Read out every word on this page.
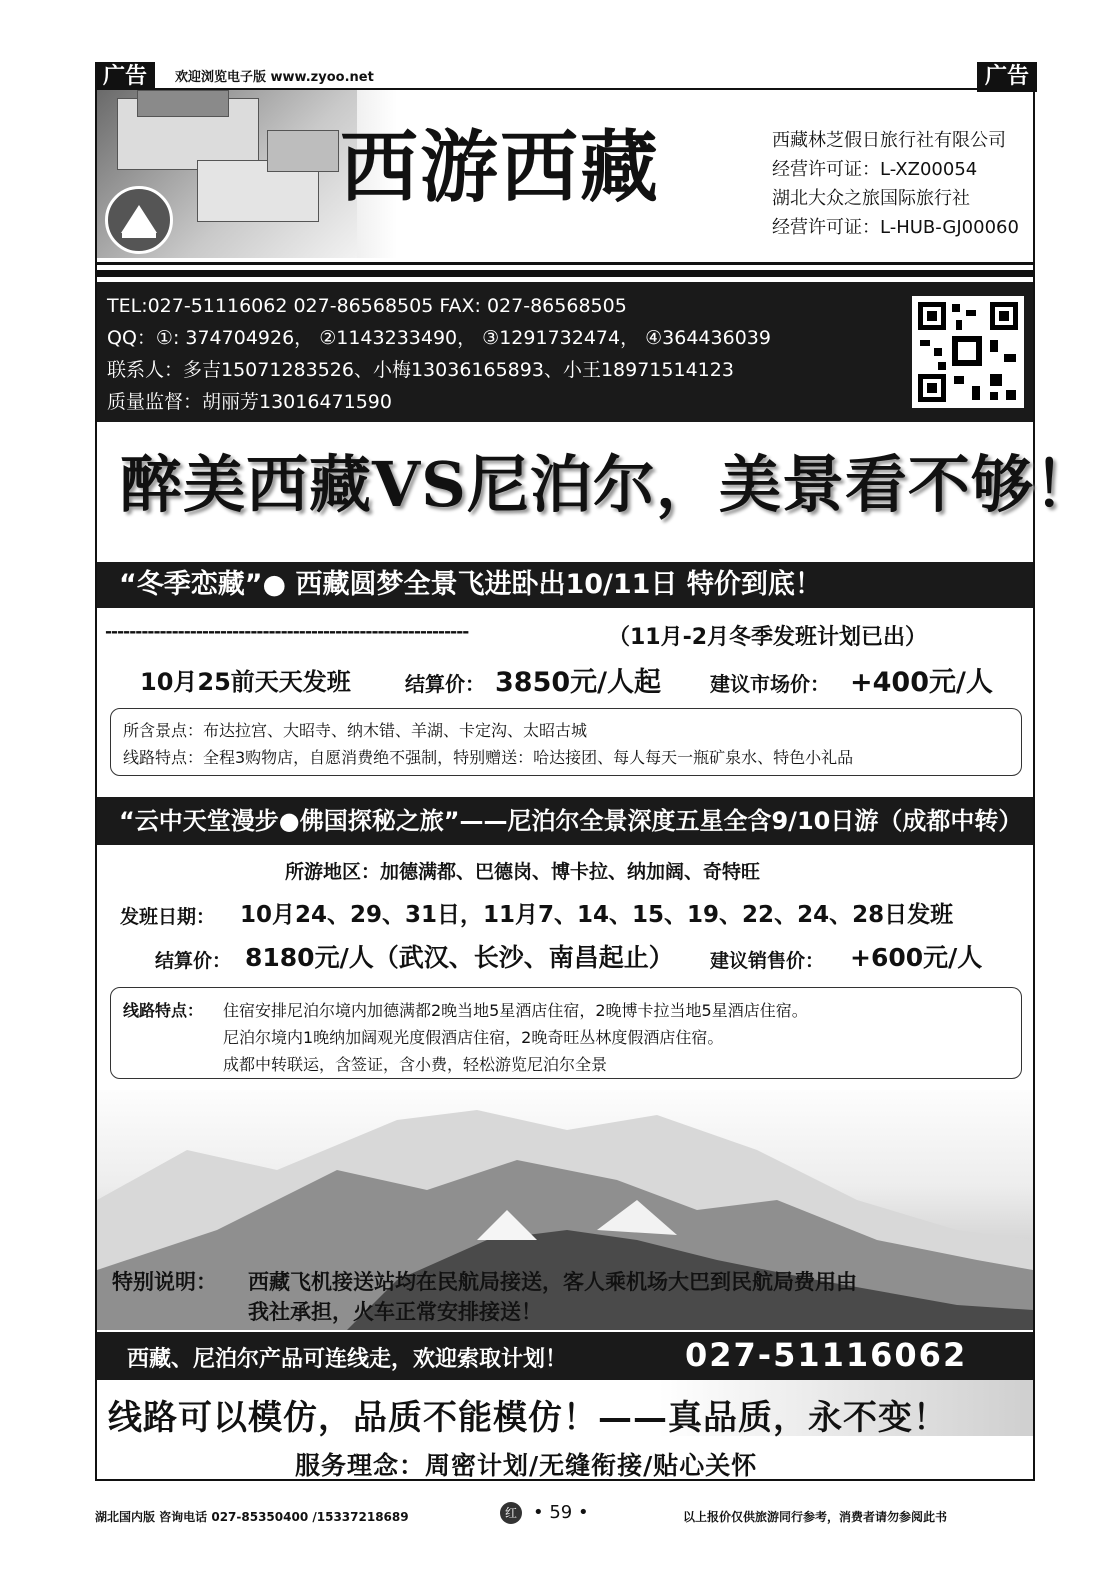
广告	欢迎浏览电子版 www.zyoo.net	广告
西游西藏	西藏林芝假日旅行社有限公司
经营许可证：L-XZ00054
湖北大众之旅国际旅行社
经营许可证：L-HUB-GJ00060
TEL:027-51116062 027-86568505 FAX: 027-86568505
QQ：①: 374704926， ②1143233490， ③1291732474， ④364436039
联系人：多吉15071283526、小梅13036165893、小王18971514123
质量监督：胡丽芳13016471590
醉美西藏VS尼泊尔，美景看不够！
“冬季恋藏”● 西藏圆梦全景飞进卧出10/11日 特价到底！
------------------------------------------------------------	（11月-2月冬季发班计划已出）
10月25前天天发班	结算价： 3850元/人起 建议市场价： +400元/人
所含景点：布达拉宫、大昭寺、纳木错、羊湖、卡定沟、太昭古城
线路特点：全程3购物店，自愿消费绝不强制，特别赠送：哈达接团、每人每天一瓶矿泉水、特色小礼品
“云中天堂漫步●佛国探秘之旅”——尼泊尔全景深度五星全含9/10日游（成都中转）
所游地区：加德满都、巴德岗、博卡拉、纳加阔、奇特旺
发班日期： 10月24、29、31日，11月7、14、15、19、22、24、28日发班
结算价： 8180元/人（武汉、长沙、南昌起止） 建议销售价： +600元/人
线路特点： 住宿安排尼泊尔境内加德满都2晚当地5星酒店住宿，2晚博卡拉当地5星酒店住宿。
尼泊尔境内1晚纳加阔观光度假酒店住宿，2晚奇旺丛林度假酒店住宿。
成都中转联运，含签证，含小费，轻松游览尼泊尔全景
特别说明： 西藏飞机接送站均在民航局接送，客人乘机场大巴到民航局费用由
我社承担，火车正常安排接送！
西藏、尼泊尔产品可连线走，欢迎索取计划！	027-51116062
线路可以模仿，品质不能模仿！——真品质，永不变！
服务理念：周密计划/无缝衔接/贴心关怀
湖北国内版 咨询电话 027-85350400 /15337218689	红 • 59 •	以上报价仅供旅游同行参考，消费者请勿参阅此书
